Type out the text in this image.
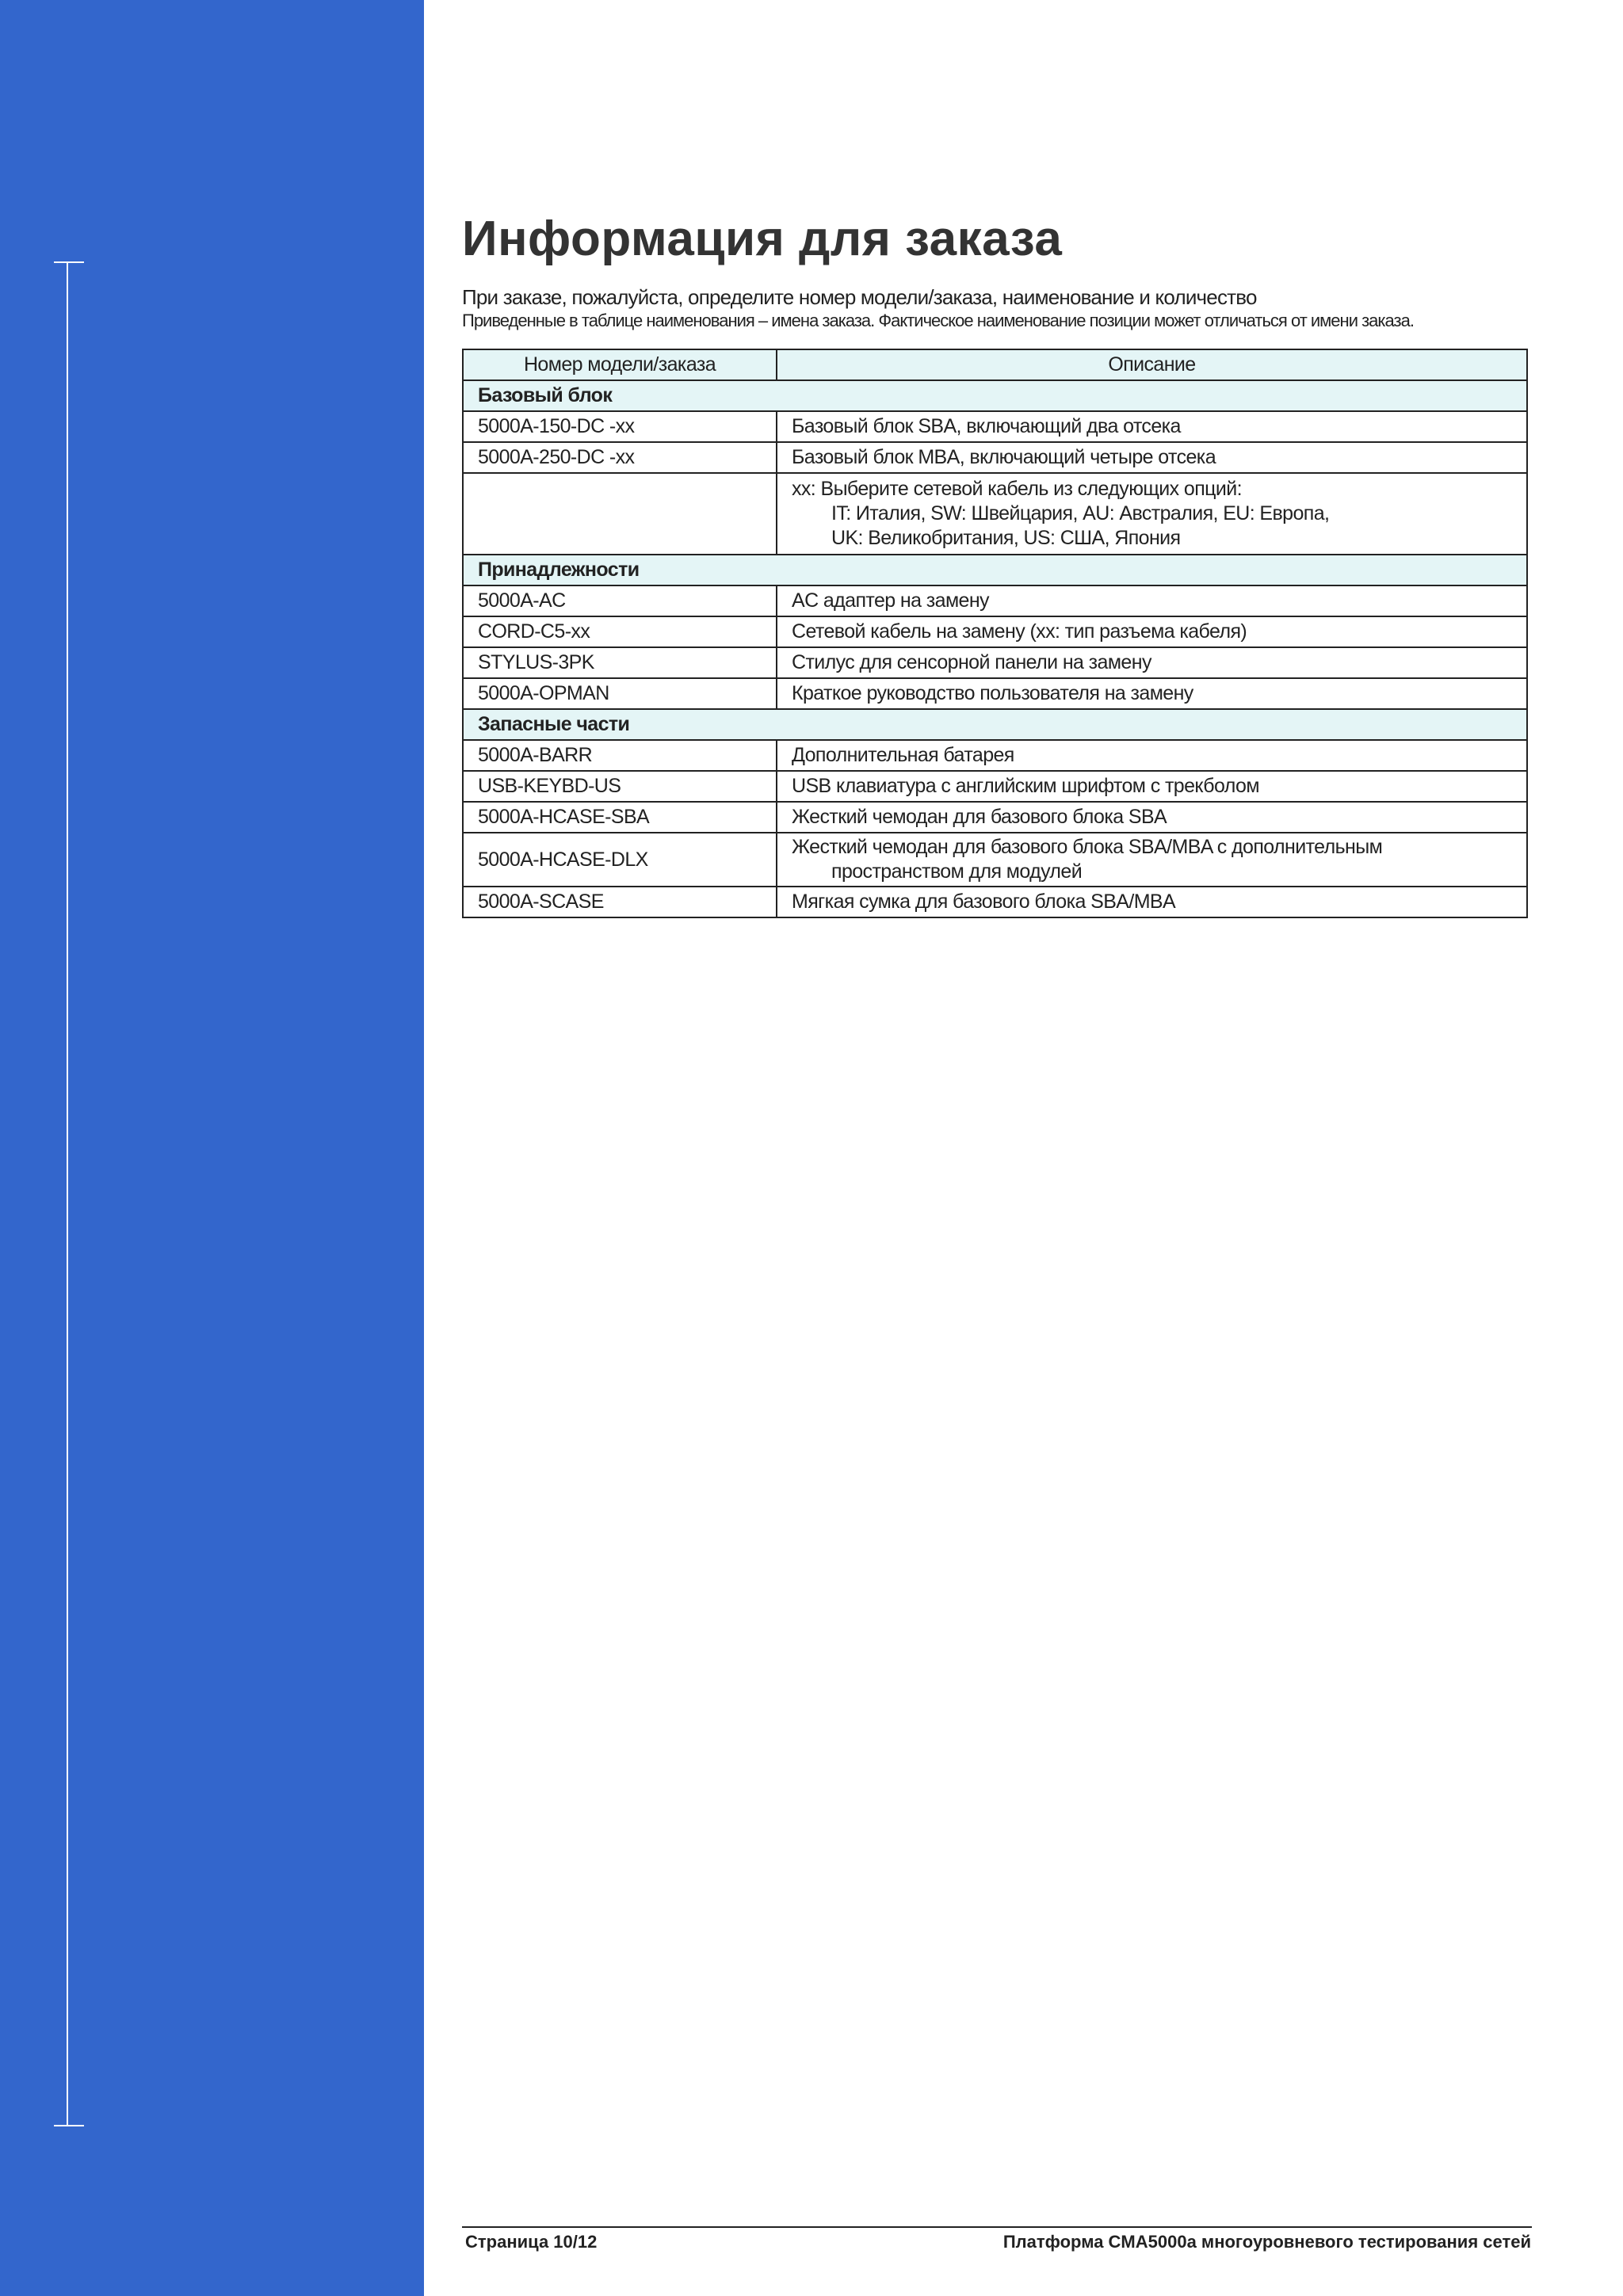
Информация для заказа
При заказе, пожалуйста, определите номер модели/заказа, наименование и количество
Приведенные в таблице наименования – имена заказа. Фактическое наименование позиции может отличаться от имени заказа.
Номер модели/заказа	Описание
Базовый блок	
5000A-150-DC -xx	Базовый блок SBA, включающий два отсека
5000A-250-DC -xx	Базовый блок MBA, включающий четыре отсека

	xx: Выберите сетевой кабель из следующих опций:
IT: Италия, SW: Швейцария, AU: Австралия, EU: Европа,
UK: Великобритания, US: США, Япония

Принадлежности	
5000A-AC	AC адаптер на замену
CORD-C5-xx	Сетевой кабель на замену (xx: тип разъема кабеля)
STYLUS-3PK	Стилус для сенсорной панели на замену
5000A-OPMAN	Краткое руководство пользователя на замену
Запасные части	
5000A-BARR	Дополнительная батарея
USB-KEYBD-US	USB клавиатура с английским шрифтом с трекболом
5000A-HCASE-SBA	Жесткий чемодан для базового блока SBA
5000A-HCASE-DLX	Жесткий чемодан для базового блока SBA/MBA с дополнительным
пространством для модулей

5000A-SCASE	Мягкая сумка для базового блока SBA/MBA
Страница 10/12	Платформа CMA5000a многоуровневого тестирования сетей
